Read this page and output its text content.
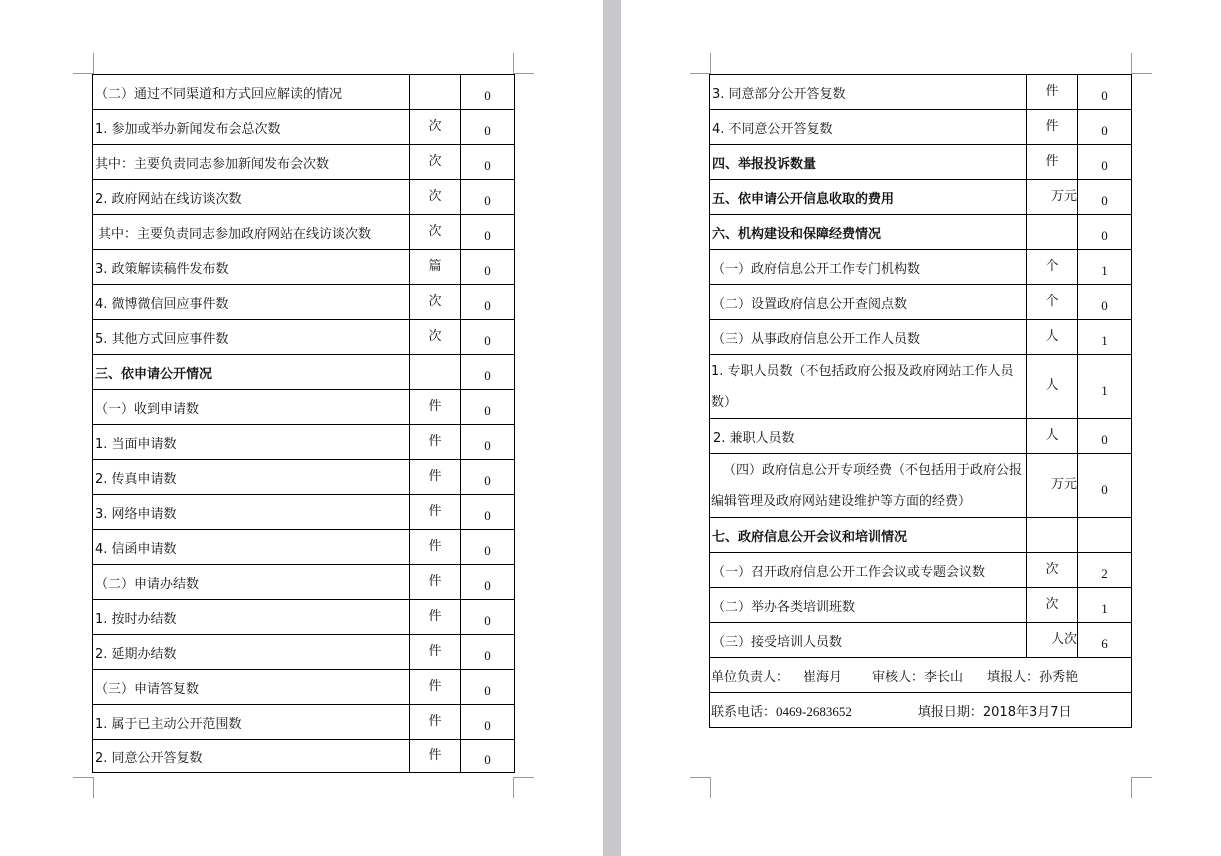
（二）通过不同渠道和方式回应解读的情况		0
1. 参加或举办新闻发布会总次数	次	0
其中：主要负责同志参加新闻发布会次数	次	0
2. 政府网站在线访谈次数	次	0
其中：主要负责同志参加政府网站在线访谈次数	次	0
3. 政策解读稿件发布数	篇	0
4. 微博微信回应事件数	次	0
5. 其他方式回应事件数	次	0
三、依申请公开情况		0
（一）收到申请数	件	0
1. 当面申请数	件	0
2. 传真申请数	件	0
3. 网络申请数	件	0
4. 信函申请数	件	0
（二）申请办结数	件	0
1. 按时办结数	件	0
2. 延期办结数	件	0
（三）申请答复数	件	0
1. 属于已主动公开范围数	件	0
2. 同意公开答复数	件	0
3. 同意部分公开答复数	件	0
4. 不同意公开答复数	件	0
四、举报投诉数量	件	0
五、依申请公开信息收取的费用	万元	0
六、机构建设和保障经费情况		0
（一）政府信息公开工作专门机构数	个	1
（二）设置政府信息公开查阅点数	个	0
（三）从事政府信息公开工作人员数	人	1
1. 专职人员数（不包括政府公报及政府网站工作人员数）	人	1
2. 兼职人员数	人	0
（四）政府信息公开专项经费（不包括用于政府公报编辑管理及政府网站建设维护等方面的经费）	万元	0
七、政府信息公开会议和培训情况		
（一）召开政府信息公开工作会议或专题会议数	次	2
（二）举办各类培训班数	次	1
（三）接受培训人员数	人次	6
单位负责人： 崔海月 审核人：李长山 填报人：孙秀艳		
联系电话：0469-2683652 填报日期：2018年3月7日		
